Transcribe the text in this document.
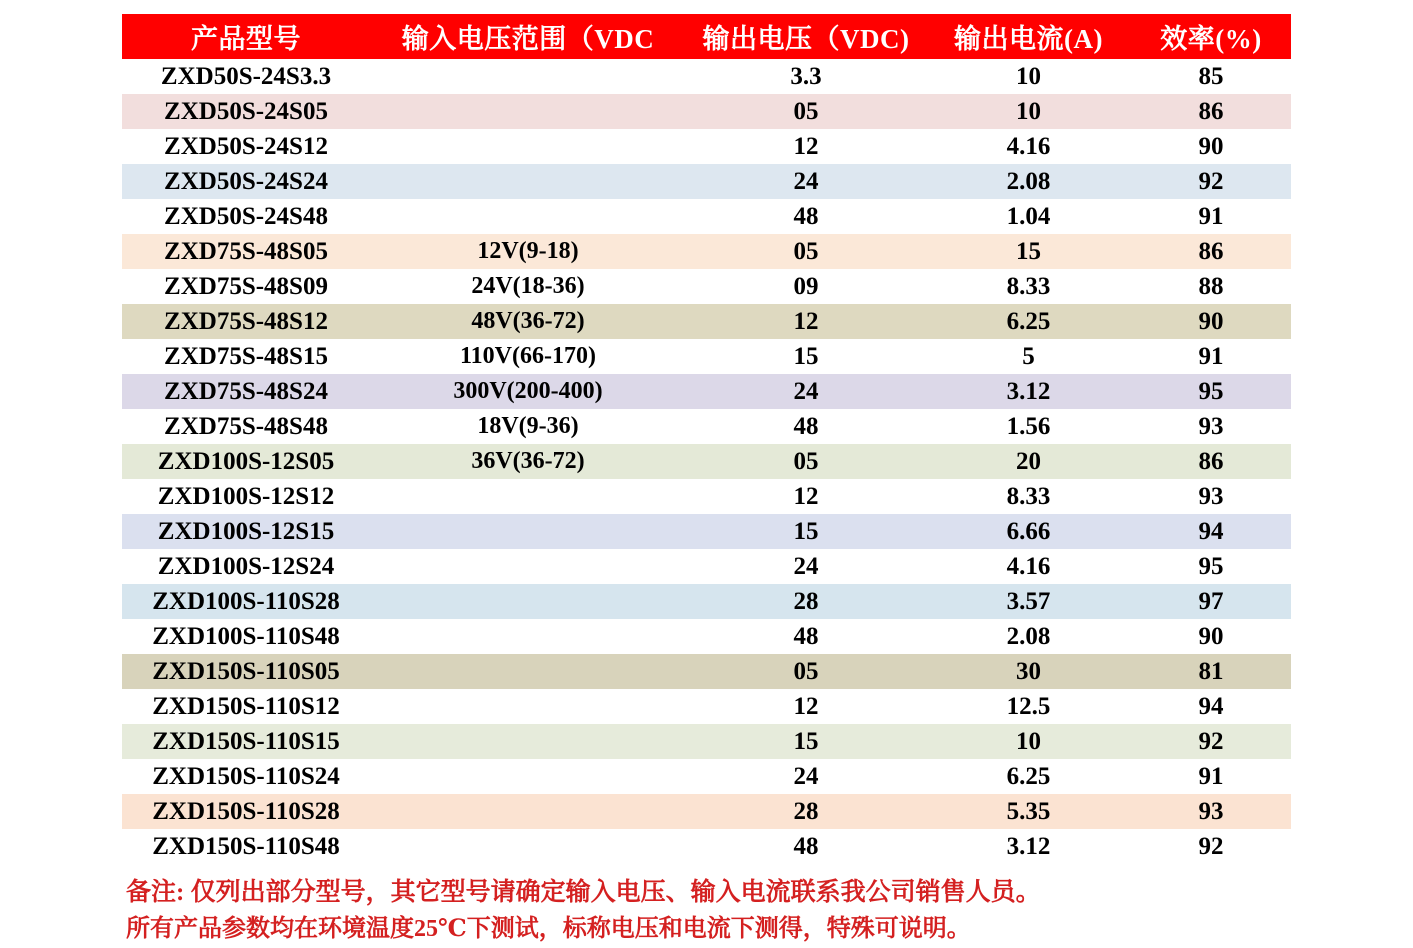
产品型号	输入电压范围（VDC	输出电压（VDC)	输出电流(A)	效率(%)
ZXD50S-24S3.3		3.3	10	85
ZXD50S-24S05		05	10	86
ZXD50S-24S12		12	4.16	90
ZXD50S-24S24		24	2.08	92
ZXD50S-24S48		48	1.04	91
ZXD75S-48S05	12V(9-18)	05	15	86
ZXD75S-48S09	24V(18-36)	09	8.33	88
ZXD75S-48S12	48V(36-72)	12	6.25	90
ZXD75S-48S15	110V(66-170)	15	5	91
ZXD75S-48S24	300V(200-400)	24	3.12	95
ZXD75S-48S48	18V(9-36)	48	1.56	93
ZXD100S-12S05	36V(36-72)	05	20	86
ZXD100S-12S12		12	8.33	93
ZXD100S-12S15		15	6.66	94
ZXD100S-12S24		24	4.16	95
ZXD100S-110S28		28	3.57	97
ZXD100S-110S48		48	2.08	90
ZXD150S-110S05		05	30	81
ZXD150S-110S12		12	12.5	94
ZXD150S-110S15		15	10	92
ZXD150S-110S24		24	6.25	91
ZXD150S-110S28		28	5.35	93
ZXD150S-110S48		48	3.12	92
备注: 仅列出部分型号，其它型号请确定输入电压、输入电流联系我公司销售人员。
所有产品参数均在环境温度25℃下测试，标称电压和电流下测得，特殊可说明。
